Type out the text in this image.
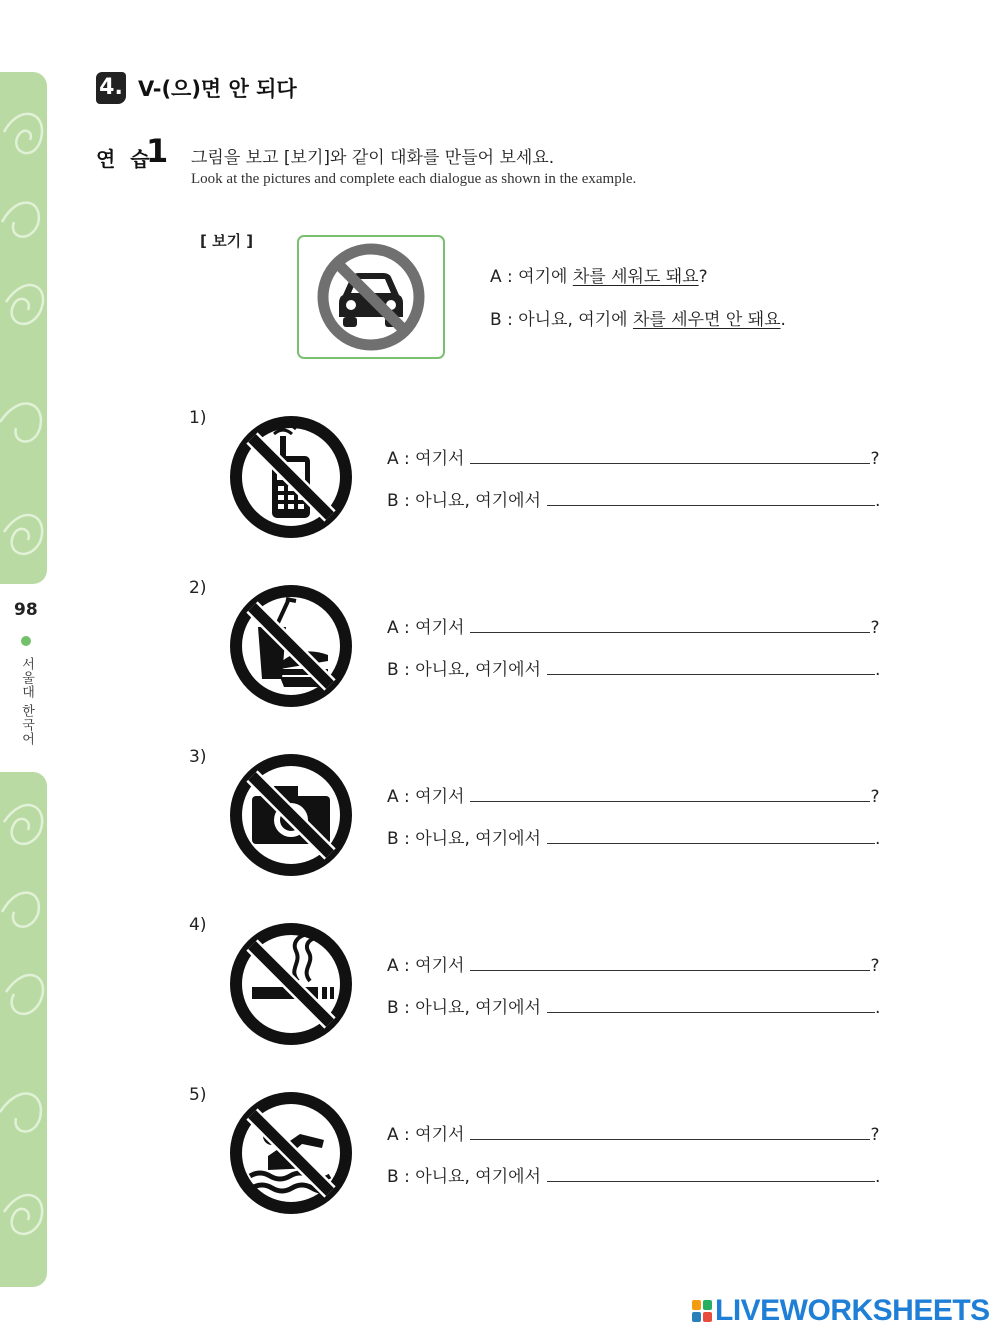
98
서울대 한국어
4. V-(으)면 안 되다
연 습
1 그림을 보고 [보기]와 같이 대화를 만들어 보세요.
Look at the pictures and complete each dialogue as shown in the example.
[ 보기 ]
A : 여기에 차를 세워도 돼요?
B : 아니요, 여기에 차를 세우면 안 돼요.
1)
A : 여기서	?
B : 아니요, 여기에서	.
2)
A : 여기서	?
B : 아니요, 여기에서	.
3)
A : 여기서	?
B : 아니요, 여기에서	.
4)
A : 여기서	?
B : 아니요, 여기에서	.
5)
A : 여기서	?
B : 아니요, 여기에서	.
LIVEWORKSHEETS
